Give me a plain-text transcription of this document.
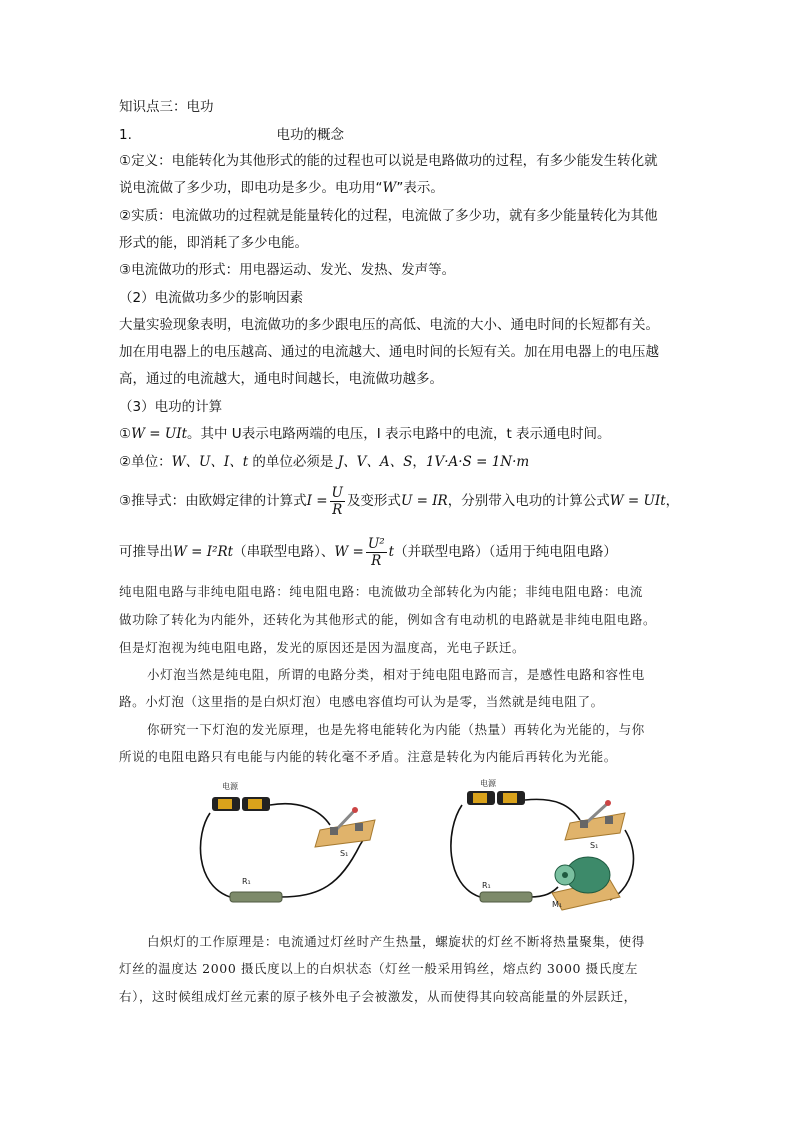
知识点三：电功
1.	电功的概念
①定义：电能转化为其他形式的能的过程也可以说是电路做功的过程，有多少能发生转化就
说电流做了多少功，即电功是多少。电功用“W”表示。
②实质：电流做功的过程就是能量转化的过程，电流做了多少功，就有多少能量转化为其他
形式的能，即消耗了多少电能。
③电流做功的形式：用电器运动、发光、发热、发声等。
（2）电流做功多少的影响因素
大量实验现象表明，电流做功的多少跟电压的高低、电流的大小、通电时间的长短都有关。
加在用电器上的电压越高、通过的电流越大、通电时间的长短有关。加在用电器上的电压越
高，通过的电流越大，通电时间越长，电流做功越多。
（3）电功的计算
①W = UIt。其中 U表示电路两端的电压，I 表示电路中的电流，t 表示通电时间。
②单位：W、U、I、t 的单位必须是 J、V、A、S，1V·A·S = 1N·m
③推导式：由欧姆定律的计算式$I = \frac{U}{R}$ 及变形式U = IR，分别带入电功的计算公式W = UIt，
可推导出W = I²Rt（串联型电路）、$W = \frac{\text{U²}}{R} t$（并联型电路）（适用于纯电阻电路）
纯电阻电路与非纯电阻电路：纯电阻电路：电流做功全部转化为内能；非纯电阻电路：电流
做功除了转化为内能外，还转化为其他形式的能，例如含有电动机的电路就是非纯电阻电路。
但是灯泡视为纯电阻电路，发光的原因还是因为温度高，光电子跃迁。
小灯泡当然是纯电阻，所谓的电路分类，相对于纯电阻电路而言，是感性电路和容性电
路。小灯泡（这里指的是白炽灯泡）电感电容值均可认为是零，当然就是纯电阻了。
你研究一下灯泡的发光原理，也是先将电能转化为内能（热量）再转化为光能的，与你
所说的电阻电路只有电能与内能的转化毫不矛盾。注意是转化为内能后再转化为光能。
电源
S₁
R₁
电源
S₁
R₁
M₁
白炽灯的工作原理是：电流通过灯丝时产生热量，螺旋状的灯丝不断将热量聚集，使得
灯丝的温度达 2000 摄氏度以上的白炽状态（灯丝一般采用钨丝，熔点约 3000 摄氏度左
右），这时候组成灯丝元素的原子核外电子会被激发，从而使得其向较高能量的外层跃迁，
